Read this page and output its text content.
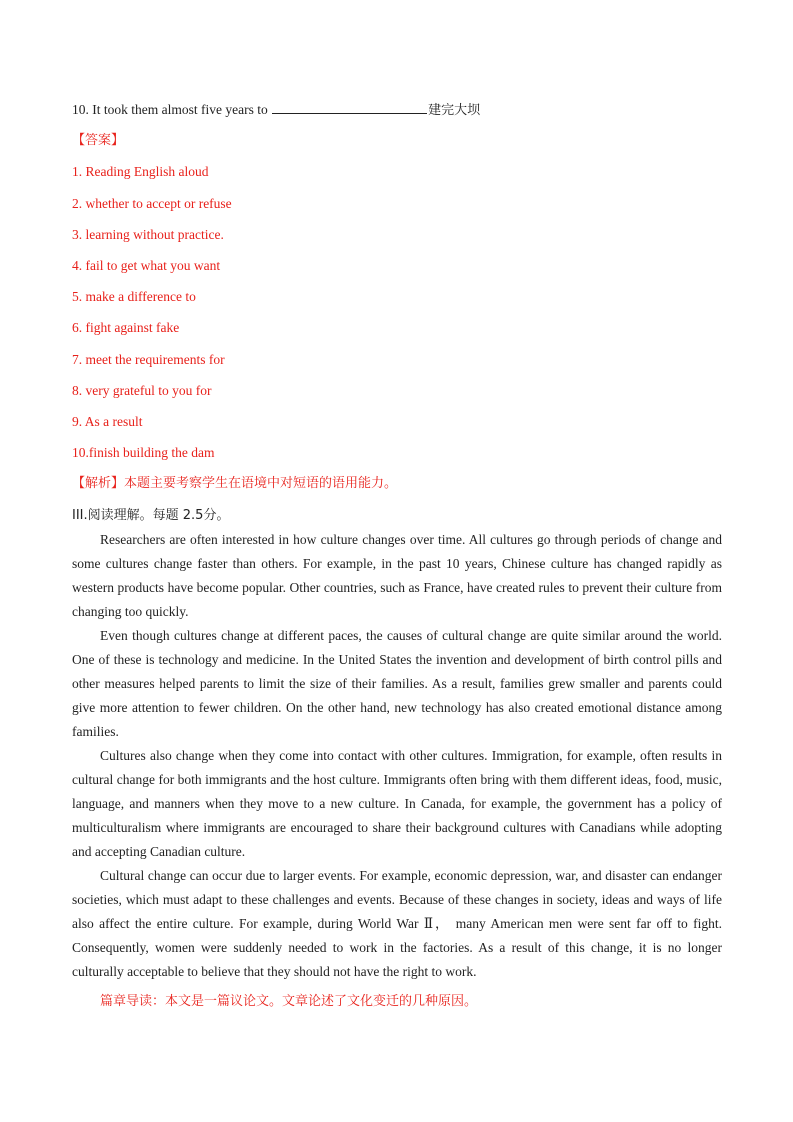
10. It took them almost five years to	建完大坝
【答案】
1. Reading English aloud
2. whether to accept or refuse
3. learning without practice.
4. fail to get what you want
5. make a difference to
6. fight against fake
7. meet the requirements for
8. very grateful to you for
9. As a result
10.finish building the dam
【解析】本题主要考察学生在语境中对短语的语用能力。
III.阅读理解。每题 2.5分。

Researchers are often interested in how culture changes over time. All cultures go through periods of change and some cultures change faster than others. For example, in the past 10 years, Chinese culture has changed rapidly as western products have become popular. Other countries, such as France, have created rules to prevent their culture from changing too quickly.

Even though cultures change at different paces, the causes of cultural change are quite similar around the world. One of these is technology and medicine. In the United States the invention and development of birth control pills and other measures helped parents to limit the size of their families. As a result, families grew smaller and parents could give more attention to fewer children. On the other hand, new technology has also created emotional distance among families.

Cultures also change when they come into contact with other cultures. Immigration, for example, often results in cultural change for both immigrants and the host culture. Immigrants often bring with them different ideas, food, music, language, and manners when they move to a new culture. In Canada, for example, the government has a policy of multiculturalism where immigrants are encouraged to share their background cultures with Canadians while adopting and accepting Canadian culture.

Cultural change can occur due to larger events. For example, economic depression, war, and disaster can endanger societies, which must adapt to these challenges and events. Because of these changes in society, ideas and ways of life also affect the entire culture. For example, during World War Ⅱ， many American men were sent far off to fight. Consequently, women were suddenly needed to work in the factories. As a result of this change, it is no longer culturally acceptable to believe that they should not have the right to work.

篇章导读：本文是一篇议论文。文章论述了文化变迁的几种原因。
